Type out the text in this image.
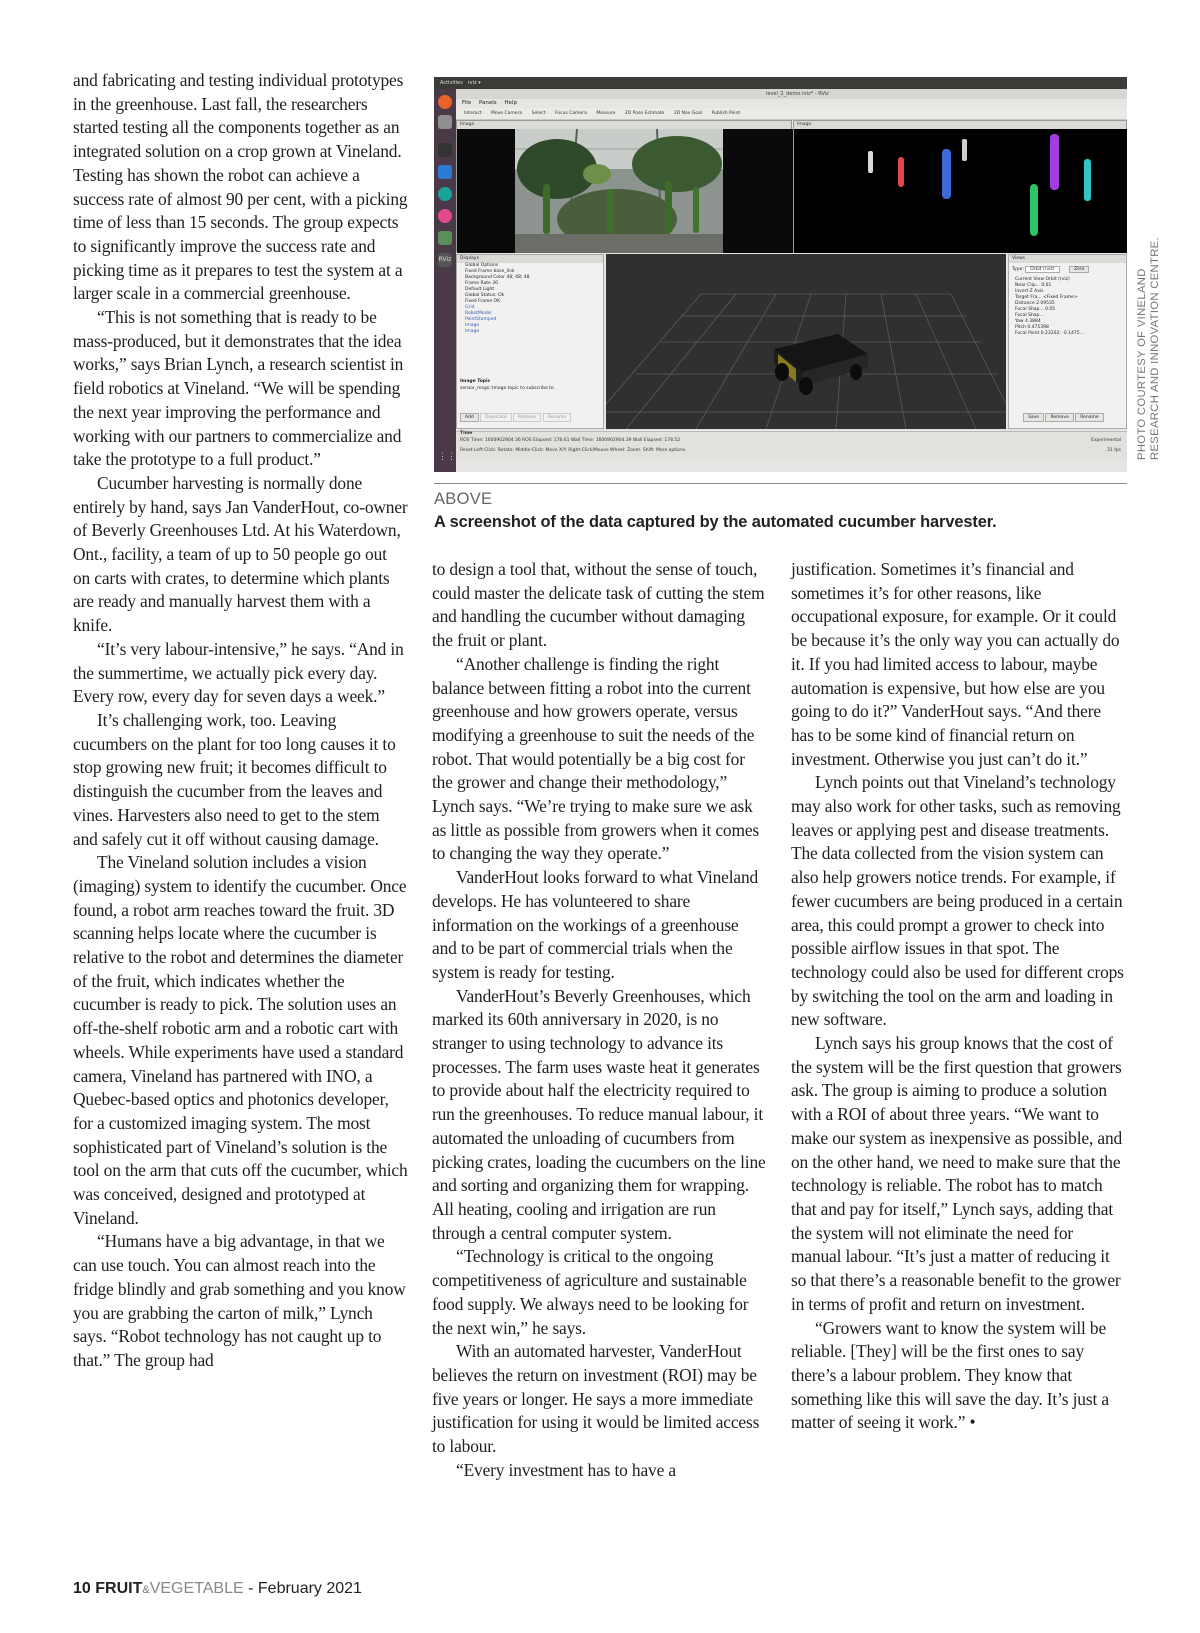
and fabricating and testing individual prototypes in the greenhouse. Last fall, the researchers started testing all the components together as an integrated solution on a crop grown at Vineland. Testing has shown the robot can achieve a success rate of almost 90 per cent, with a picking time of less than 15 seconds. The group expects to significantly improve the success rate and picking time as it prepares to test the system at a larger scale in a commercial greenhouse.

“This is not something that is ready to be mass-produced, but it demonstrates that the idea works,” says Brian Lynch, a research scientist in field robotics at Vineland. “We will be spending the next year improving the performance and working with our partners to commercialize and take the prototype to a full product.”

Cucumber harvesting is normally done entirely by hand, says Jan VanderHout, co-owner of Beverly Greenhouses Ltd. At his Waterdown, Ont., facility, a team of up to 50 people go out on carts with crates, to determine which plants are ready and manually harvest them with a knife.

“It’s very labour-intensive,” he says. “And in the summertime, we actually pick every day. Every row, every day for seven days a week.”

It’s challenging work, too. Leaving cucumbers on the plant for too long causes it to stop growing new fruit; it becomes difficult to distinguish the cucumber from the leaves and vines. Harvesters also need to get to the stem and safely cut it off without causing damage.

The Vineland solution includes a vision (imaging) system to identify the cucumber. Once found, a robot arm reaches toward the fruit. 3D scanning helps locate where the cucumber is relative to the robot and determines the diameter of the fruit, which indicates whether the cucumber is ready to pick. The solution uses an off-the-shelf robotic arm and a robotic cart with wheels. While experiments have used a standard camera, Vineland has partnered with INO, a Quebec-based optics and photonics developer, for a customized imaging system. The most sophisticated part of Vineland’s solution is the tool on the arm that cuts off the cucumber, which was conceived, designed and prototyped at Vineland.

“Humans have a big advantage, in that we can use touch. You can almost reach into the fridge blindly and grab something and you know you are grabbing the carton of milk,” Lynch says. “Robot technology has not caught up to that.” The group had

Activities rviz ▾
RViz
⋮⋮
level_2_demo.rviz* - RViz
File Panels Help
Interact Move Camera Select Focus Camera Measure 2D Pose Estimate 2D Nav Goal Publish Point
Image	Image
Displays
Global Options
Fixed Frame base_link
Background Color 48; 48; 48
Frame Rate 30
Default Light
Global Status: Ok
Fixed Frame OK
Grid
RobotModel
PointStamped
Image
Image
Image Topic
sensor_msgs::Image topic to subscribe to.
Add	Duplicate	Remove	Rename
Views
Type: Orbit (rviz)	Zero
Current View Orbit (rviz)
Near Clip... 0.01
Invert Z Axis
Target Fra... <Fixed Frame>
Distance 2.09535
Focal Shap... 0.05
Focal Shap...
Yaw 4.3884
Pitch 0.475398
Focal Point 0.23202; -0.1475...
Save	Remove	Rename
Time
ROS Time: 1600902904.36 ROS Elapsed: 178.61 Wall Time: 1600902904.39 Wall Elapsed: 178.52	Experimental
Reset Left-Click: Rotate. Middle-Click: Move X/Y. Right-Click/Mouse Wheel: Zoom. Shift: More options.	31 fps PHOTO COURTESY OF VINELAND RESEARCH AND INNOVATION CENTRE.
ABOVE
A screenshot of the data captured by the automated cucumber harvester.

to design a tool that, without the sense of touch, could master the delicate task of cutting the stem and handling the cucumber without damaging the fruit or plant.

“Another challenge is finding the right balance between fitting a robot into the current greenhouse and how growers operate, versus modifying a greenhouse to suit the needs of the robot. That would potentially be a big cost for the grower and change their methodology,” Lynch says. “We’re trying to make sure we ask as little as possible from growers when it comes to changing the way they operate.”

VanderHout looks forward to what Vineland develops. He has volunteered to share information on the workings of a greenhouse and to be part of commercial trials when the system is ready for testing.

VanderHout’s Beverly Greenhouses, which marked its 60th anniversary in 2020, is no stranger to using technology to advance its processes. The farm uses waste heat it generates to provide about half the electricity required to run the greenhouses. To reduce manual labour, it automated the unloading of cucumbers from picking crates, loading the cucumbers on the line and sorting and organizing them for wrapping. All heating, cooling and irrigation are run through a central computer system.

“Technology is critical to the ongoing competitiveness of agriculture and sustainable food supply. We always need to be looking for the next win,” he says.

With an automated harvester, VanderHout believes the return on investment (ROI) may be five years or longer. He says a more immediate justification for using it would be limited access to labour.

“Every investment has to have a

justification. Sometimes it’s financial and sometimes it’s for other reasons, like occupational exposure, for example. Or it could be because it’s the only way you can actually do it. If you had limited access to labour, maybe automation is expensive, but how else are you going to do it?” VanderHout says. “And there has to be some kind of financial return on investment. Otherwise you just can’t do it.”

Lynch points out that Vineland’s technology may also work for other tasks, such as removing leaves or applying pest and disease treatments. The data collected from the vision system can also help growers notice trends. For example, if fewer cucumbers are being produced in a certain area, this could prompt a grower to check into possible airflow issues in that spot. The technology could also be used for different crops by switching the tool on the arm and loading in new software.

Lynch says his group knows that the cost of the system will be the first question that growers ask. The group is aiming to produce a solution with a ROI of about three years. “We want to make our system as inexpensive as possible, and on the other hand, we need to make sure that the technology is reliable. The robot has to match that and pay for itself,” Lynch says, adding that the system will not eliminate the need for manual labour. “It’s just a matter of reducing it so that there’s a reasonable benefit to the grower in terms of profit and return on investment.

“Growers want to know the system will be reliable. [They] will be the first ones to say there’s a labour problem. They know that something like this will save the day. It’s just a matter of seeing it work.” •

10 FRUIT&VEGETABLE - February 2021
